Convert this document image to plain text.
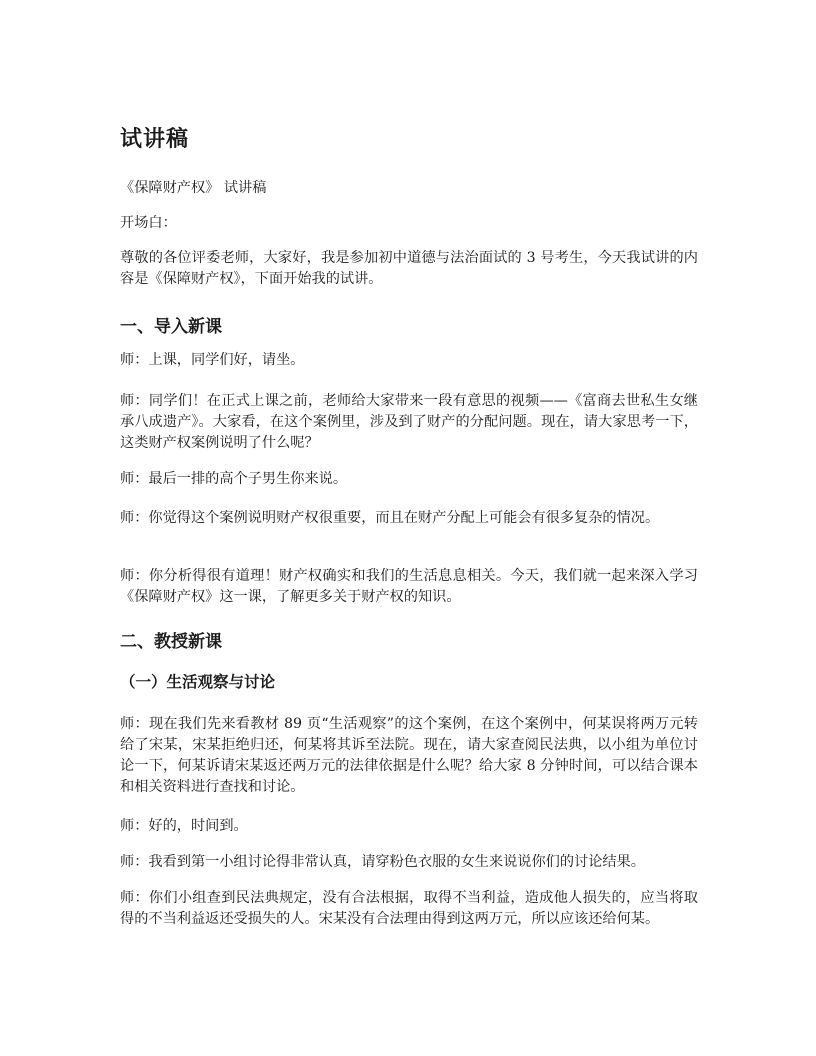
试讲稿

《保障财产权》 试讲稿

开场白：

尊敬的各位评委老师，大家好，我是参加初中道德与法治面试的 3 号考生，今天我试讲的内容是《保障财产权》，下面开始我的试讲。

一、导入新课

师：上课，同学们好，请坐。

师：同学们！在正式上课之前，老师给大家带来一段有意思的视频——《富商去世私生女继承八成遗产》。大家看，在这个案例里，涉及到了财产的分配问题。现在，请大家思考一下，这类财产权案例说明了什么呢？

师：最后一排的高个子男生你来说。

师：你觉得这个案例说明财产权很重要，而且在财产分配上可能会有很多复杂的情况。

师：你分析得很有道理！财产权确实和我们的生活息息相关。今天，我们就一起来深入学习《保障财产权》这一课，了解更多关于财产权的知识。

二、教授新课
（一）生活观察与讨论

师：现在我们先来看教材 89 页“生活观察”的这个案例，在这个案例中，何某误将两万元转给了宋某，宋某拒绝归还，何某将其诉至法院。现在，请大家查阅民法典，以小组为单位讨论一下，何某诉请宋某返还两万元的法律依据是什么呢？给大家 8 分钟时间，可以结合课本和相关资料进行查找和讨论。

师：好的，时间到。

师：我看到第一小组讨论得非常认真，请穿粉色衣服的女生来说说你们的讨论结果。

师：你们小组查到民法典规定，没有合法根据，取得不当利益，造成他人损失的，应当将取得的不当利益返还受损失的人。宋某没有合法理由得到这两万元，所以应该还给何某。
